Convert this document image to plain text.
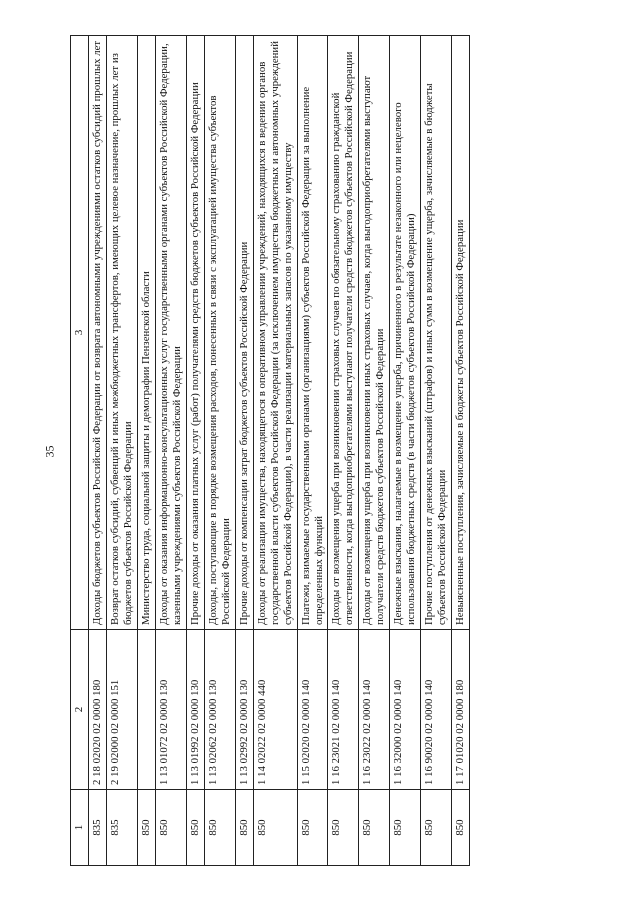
35
1	2	3
835	2 18 02020 02 0000 180	Доходы бюджетов субъектов Российской Федерации от возврата автономными учреждениями остатков субсидий прошлых лет
835	2 19 02000 02 0000 151	Возврат остатков субсидий, субвенций и иных межбюджетных трансфертов, имеющих целевое назначение, прошлых лет из бюджетов субъектов Российской Федерации
850		Министерство труда, социальной защиты и демографии Пензенской области
850	1 13 01072 02 0000 130	Доходы от оказания информационно-консультационных услуг государственными органами субъектов Российской Федерации, казенными учреждениями субъектов Российской Федерации
850	1 13 01992 02 0000 130	Прочие доходы от оказания платных услуг (работ) получателями средств бюджетов субъектов Российской Федерации
850	1 13 02062 02 0000 130	Доходы, поступающие в порядке возмещения расходов, понесенных в связи с эксплуатацией имущества субъектов Российской Федерации
850	1 13 02992 02 0000 130	Прочие доходы от компенсации затрат бюджетов субъектов Российской Федерации
850	1 14 02022 02 0000 440	Доходы от реализации имущества, находящегося в оперативном управлении учреждений, находящихся в ведении органов государственной власти субъектов Российской Федерации (за исключением имущества бюджетных и автономных учреждений субъектов Российской Федерации), в части реализации материальных запасов по указанному имуществу
850	1 15 02020 02 0000 140	Платежи, взимаемые государственными органами (организациями) субъектов Российской Федерации за выполнение определенных функций
850	1 16 23021 02 0000 140	Доходы от возмещения ущерба при возникновении страховых случаев по обязательному страхованию гражданской ответственности, когда выгодоприобретателями выступают получатели средств бюджетов субъектов Российской Федерации
850	1 16 23022 02 0000 140	Доходы от возмещения ущерба при возникновении иных страховых случаев, когда выгодоприобретателями выступают получатели средств бюджетов субъектов Российской Федерации
850	1 16 32000 02 0000 140	Денежные взыскания, налагаемые в возмещение ущерба, причиненного в результате незаконного или нецелевого использования бюджетных средств (в части бюджетов субъектов Российской Федерации)
850	1 16 90020 02 0000 140	Прочие поступления от денежных взысканий (штрафов) и иных сумм в возмещение ущерба, зачисляемые в бюджеты субъектов Российской Федерации
850	1 17 01020 02 0000 180	Невыясненные поступления, зачисляемые в бюджеты субъектов Российской Федерации
